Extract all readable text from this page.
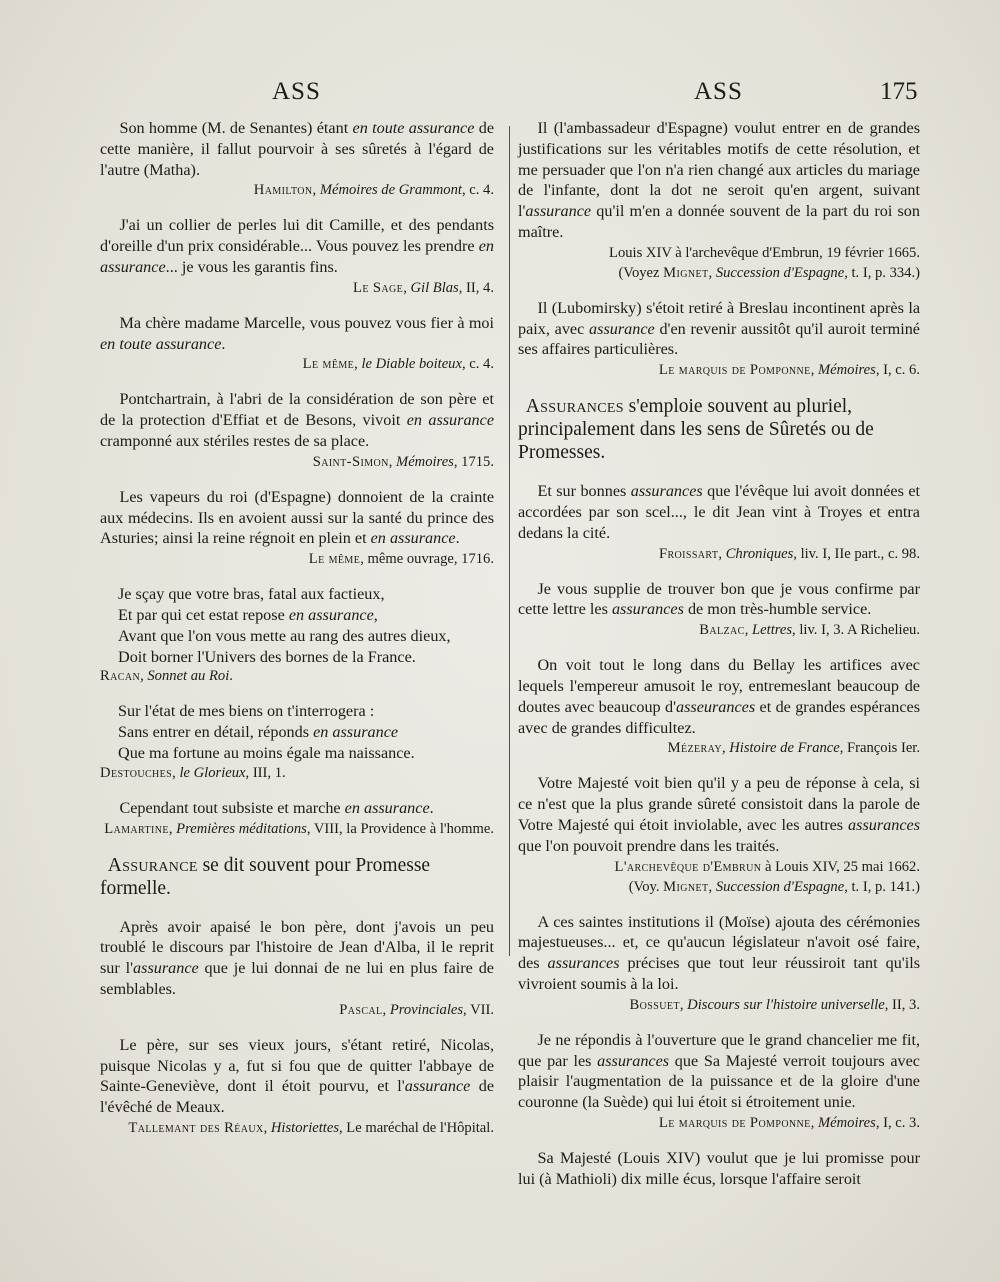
ASS	ASS	175

Son homme (M. de Senantes) étant en toute assurance de cette manière, il fallut pourvoir à ses sûretés à l'égard de l'autre (Matha).

Hamilton, Mémoires de Grammont, c. 4.

J'ai un collier de perles lui dit Camille, et des pendants d'oreille d'un prix considérable... Vous pouvez les prendre en assurance... je vous les garantis fins.

Le Sage, Gil Blas, II, 4.

Ma chère madame Marcelle, vous pouvez vous fier à moi en toute assurance.

Le même, le Diable boiteux, c. 4.

Pontchartrain, à l'abri de la considération de son père et de la protection d'Effiat et de Besons, vivoit en assurance cramponné aux stériles restes de sa place.

Saint-Simon, Mémoires, 1715.

Les vapeurs du roi (d'Espagne) donnoient de la crainte aux médecins. Ils en avoient aussi sur la santé du prince des Asturies; ainsi la reine régnoit en plein et en assurance.

Le même, même ouvrage, 1716.

Je sçay que votre bras, fatal aux factieux,

Et par qui cet estat repose en assurance,

Avant que l'on vous mette au rang des autres dieux,

Doit borner l'Univers des bornes de la France.

Racan, Sonnet au Roi.

Sur l'état de mes biens on t'interrogera :

Sans entrer en détail, réponds en assurance

Que ma fortune au moins égale ma naissance.

Destouches, le Glorieux, III, 1.

Cependant tout subsiste et marche en assurance.

Lamartine, Premières méditations, VIII, la Providence à l'homme.

Assurance se dit souvent pour Promesse formelle.

Après avoir apaisé le bon père, dont j'avois un peu troublé le discours par l'histoire de Jean d'Alba, il le reprit sur l'assurance que je lui donnai de ne lui en plus faire de semblables.

Pascal, Provinciales, VII.

Le père, sur ses vieux jours, s'étant retiré, Nicolas, puisque Nicolas y a, fut si fou que de quitter l'abbaye de Sainte-Geneviève, dont il étoit pourvu, et l'assurance de l'évêché de Meaux.

Tallemant des Réaux, Historiettes, Le maréchal de l'Hôpital.

Il (l'ambassadeur d'Espagne) voulut entrer en de grandes justifications sur les véritables motifs de cette résolution, et me persuader que l'on n'a rien changé aux articles du mariage de l'infante, dont la dot ne seroit qu'en argent, suivant l'assurance qu'il m'en a donnée souvent de la part du roi son maître.

Louis XIV à l'archevêque d'Embrun, 19 février 1665.

(Voyez Mignet, Succession d'Espagne, t. I, p. 334.)

Il (Lubomirsky) s'étoit retiré à Breslau incontinent après la paix, avec assurance d'en revenir aussitôt qu'il auroit terminé ses affaires particulières.

Le marquis de Pomponne, Mémoires, I, c. 6.

Assurances s'emploie souvent au pluriel, principalement dans les sens de Sûretés ou de Promesses.

Et sur bonnes assurances que l'évêque lui avoit données et accordées par son scel..., le dit Jean vint à Troyes et entra dedans la cité.

Froissart, Chroniques, liv. I, IIe part., c. 98.

Je vous supplie de trouver bon que je vous confirme par cette lettre les assurances de mon très-humble service.

Balzac, Lettres, liv. I, 3. A Richelieu.

On voit tout le long dans du Bellay les artifices avec lequels l'empereur amusoit le roy, entremeslant beaucoup de doutes avec beaucoup d'asseurances et de grandes espérances avec de grandes difficultez.

Mézeray, Histoire de France, François Ier.

Votre Majesté voit bien qu'il y a peu de réponse à cela, si ce n'est que la plus grande sûreté consistoit dans la parole de Votre Majesté qui étoit inviolable, avec les autres assurances que l'on pouvoit prendre dans les traités.

L'archevêque d'Embrun à Louis XIV, 25 mai 1662.

(Voy. Mignet, Succession d'Espagne, t. I, p. 141.)

A ces saintes institutions il (Moïse) ajouta des cérémonies majestueuses... et, ce qu'aucun législateur n'avoit osé faire, des assurances précises que tout leur réussiroit tant qu'ils vivroient soumis à la loi.

Bossuet, Discours sur l'histoire universelle, II, 3.

Je ne répondis à l'ouverture que le grand chancelier me fit, que par les assurances que Sa Majesté verroit toujours avec plaisir l'augmentation de la puissance et de la gloire d'une couronne (la Suède) qui lui étoit si étroitement unie.

Le marquis de Pomponne, Mémoires, I, c. 3.

Sa Majesté (Louis XIV) voulut que je lui promisse pour lui (à Mathioli) dix mille écus, lorsque l'affaire seroit
